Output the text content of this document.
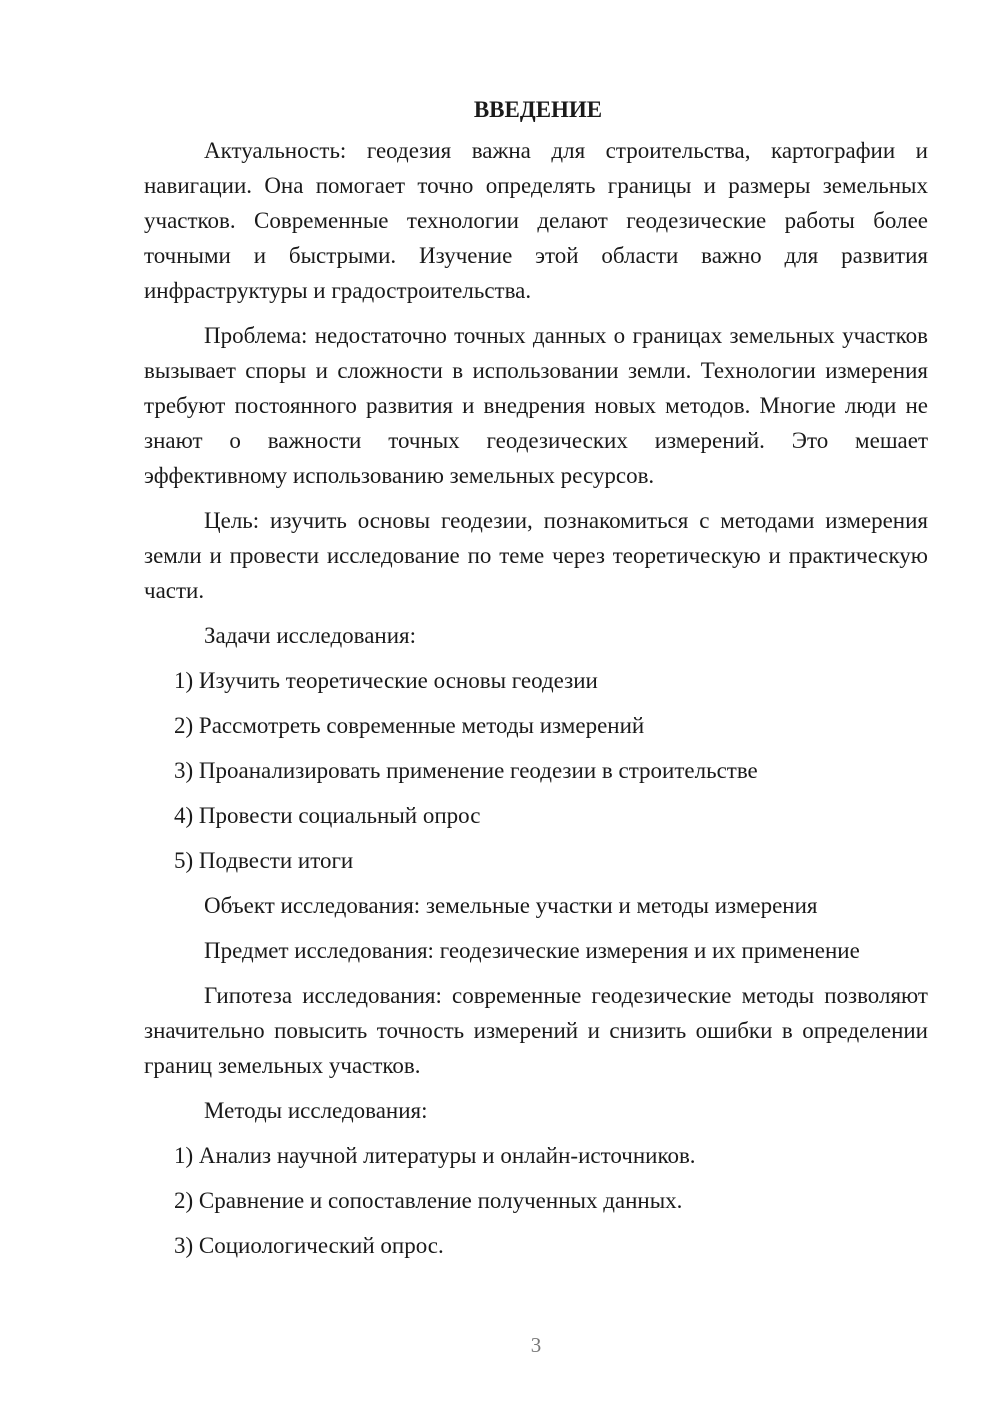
ВВЕДЕНИЕ

Актуальность: геодезия важна для строительства, картографии и навигации. Она помогает точно определять границы и размеры земельных участков. Современные технологии делают геодезические работы более точными и быстрыми. Изучение этой области важно для развития инфраструктуры и градостроительства.

Проблема: недостаточно точных данных о границах земельных участков вызывает споры и сложности в использовании земли. Технологии измерения требуют постоянного развития и внедрения новых методов. Многие люди не знают о важности точных геодезических измерений. Это мешает эффективному использованию земельных ресурсов.

Цель: изучить основы геодезии, познакомиться с методами измерения земли и провести исследование по теме через теоретическую и практическую части.

Задачи исследования:

1) Изучить теоретические основы геодезии

2) Рассмотреть современные методы измерений

3) Проанализировать применение геодезии в строительстве

4) Провести социальный опрос

5) Подвести итоги

Объект исследования: земельные участки и методы измерения

Предмет исследования: геодезические измерения и их применение

Гипотеза исследования: современные геодезические методы позволяют значительно повысить точность измерений и снизить ошибки в определении границ земельных участков.

Методы исследования:

1) Анализ научной литературы и онлайн-источников.

2) Сравнение и сопоставление полученных данных.

3) Социологический опрос.

3
